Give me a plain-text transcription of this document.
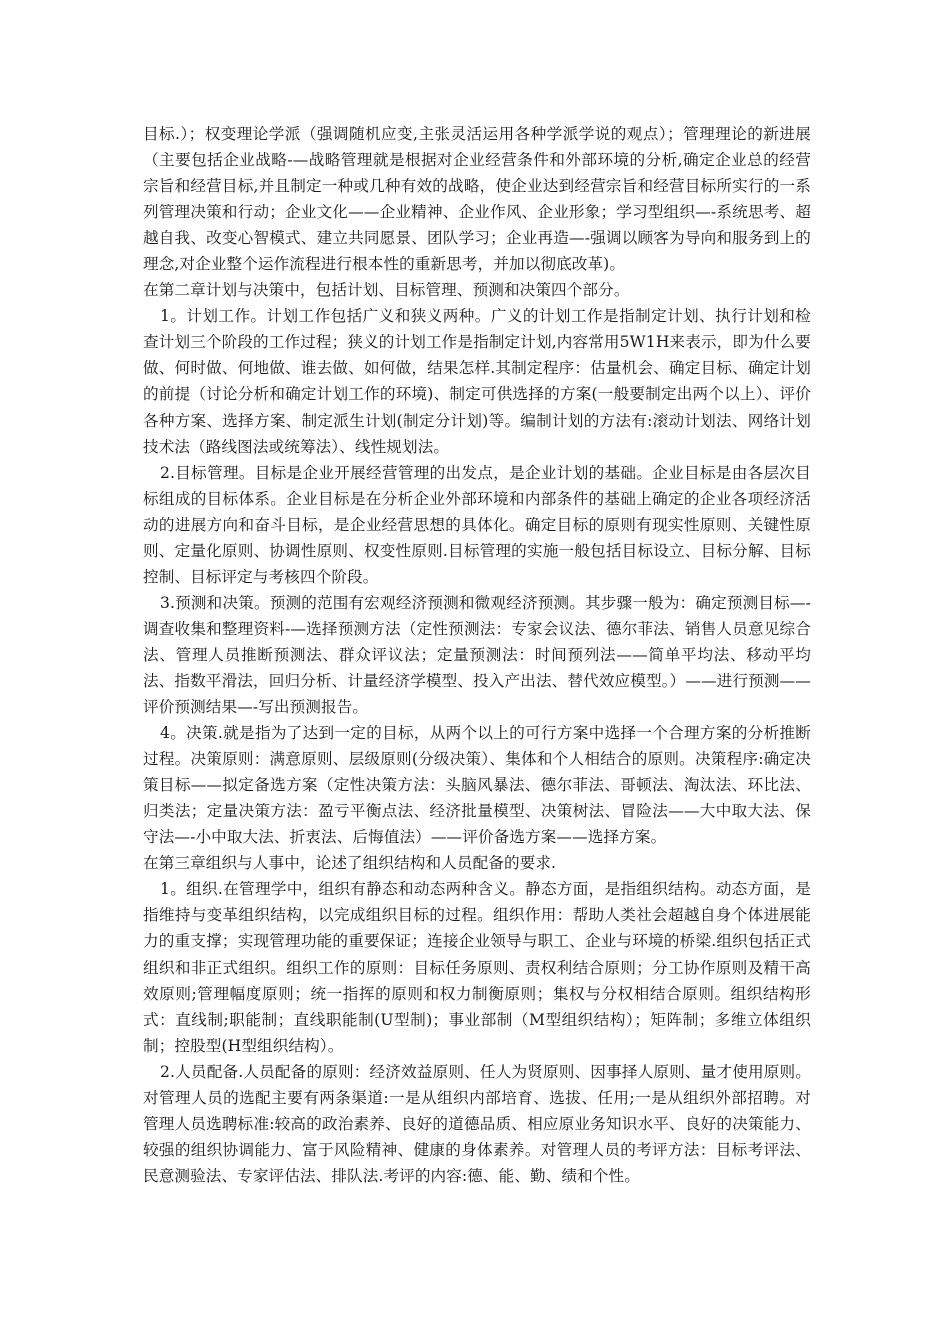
目标.）；权变理论学派（强调随机应变,主张灵活运用各种学派学说的观点）；管理理论的新进展（主要包括企业战略-—战略管理就是根据对企业经营条件和外部环境的分析,确定企业总的经营宗旨和经营目标,并且制定一种或几种有效的战略，使企业达到经营宗旨和经营目标所实行的一系列管理决策和行动；企业文化——企业精神、企业作风、企业形象；学习型组织—-系统思考、超越自我、改变心智模式、建立共同愿景、团队学习；企业再造—-强调以顾客为导向和服务到上的理念,对企业整个运作流程进行根本性的重新思考，并加以彻底改革)。

在第二章计划与决策中，包括计划、目标管理、预测和决策四个部分。

1。计划工作。计划工作包括广义和狭义两种。广义的计划工作是指制定计划、执行计划和检查计划三个阶段的工作过程；狭义的计划工作是指制定计划,内容常用5W1H来表示，即为什么要做、何时做、何地做、谁去做、如何做，结果怎样.其制定程序：估量机会、确定目标、确定计划的前提（讨论分析和确定计划工作的环境)、制定可供选择的方案(一般要制定出两个以上）、评价各种方案、选择方案、制定派生计划(制定分计划)等。编制计划的方法有:滚动计划法、网络计划技术法（路线图法或统筹法）、线性规划法。

2.目标管理。目标是企业开展经营管理的出发点，是企业计划的基础。企业目标是由各层次目标组成的目标体系。企业目标是在分析企业外部环境和内部条件的基础上确定的企业各项经济活动的进展方向和奋斗目标，是企业经营思想的具体化。确定目标的原则有现实性原则、关键性原则、定量化原则、协调性原则、权变性原则.目标管理的实施一般包括目标设立、目标分解、目标控制、目标评定与考核四个阶段。

3.预测和决策。预测的范围有宏观经济预测和微观经济预测。其步骤一般为：确定预测目标—-调查收集和整理资料-—选择预测方法（定性预测法：专家会议法、德尔菲法、销售人员意见综合法、管理人员推断预测法、群众评议法；定量预测法：时间预列法——简单平均法、移动平均法、指数平滑法，回归分析、计量经济学模型、投入产出法、替代效应模型。）——进行预测——评价预测结果—-写出预测报告。

4。决策.就是指为了达到一定的目标，从两个以上的可行方案中选择一个合理方案的分析推断过程。决策原则：满意原则、层级原则(分级决策）、集体和个人相结合的原则。决策程序:确定决策目标——拟定备选方案（定性决策方法：头脑风暴法、德尔菲法、哥顿法、淘汰法、环比法、归类法；定量决策方法：盈亏平衡点法、经济批量模型、决策树法、冒险法——大中取大法、保守法—-小中取大法、折衷法、后悔值法）——评价备选方案——选择方案。

在第三章组织与人事中，论述了组织结构和人员配备的要求.

1。组织.在管理学中，组织有静态和动态两种含义。静态方面，是指组织结构。动态方面，是指维持与变革组织结构，以完成组织目标的过程。组织作用：帮助人类社会超越自身个体进展能力的重支撑；实现管理功能的重要保证；连接企业领导与职工、企业与环境的桥梁.组织包括正式组织和非正式组织。组织工作的原则：目标任务原则、责权利结合原则；分工协作原则及精干高效原则;管理幅度原则；统一指挥的原则和权力制衡原则；集权与分权相结合原则。组织结构形式：直线制;职能制；直线职能制(U型制)；事业部制（M型组织结构）；矩阵制；多维立体组织制；控股型(H型组织结构）。

2.人员配备.人员配备的原则：经济效益原则、任人为贤原则、因事择人原则、量才使用原则。对管理人员的选配主要有两条渠道:一是从组织内部培育、选拔、任用;一是从组织外部招聘。对管理人员选聘标准:较高的政治素养、良好的道德品质、相应原业务知识水平、良好的决策能力、较强的组织协调能力、富于风险精神、健康的身体素养。对管理人员的考评方法：目标考评法、民意测验法、专家评估法、排队法.考评的内容:德、能、勤、绩和个性。
